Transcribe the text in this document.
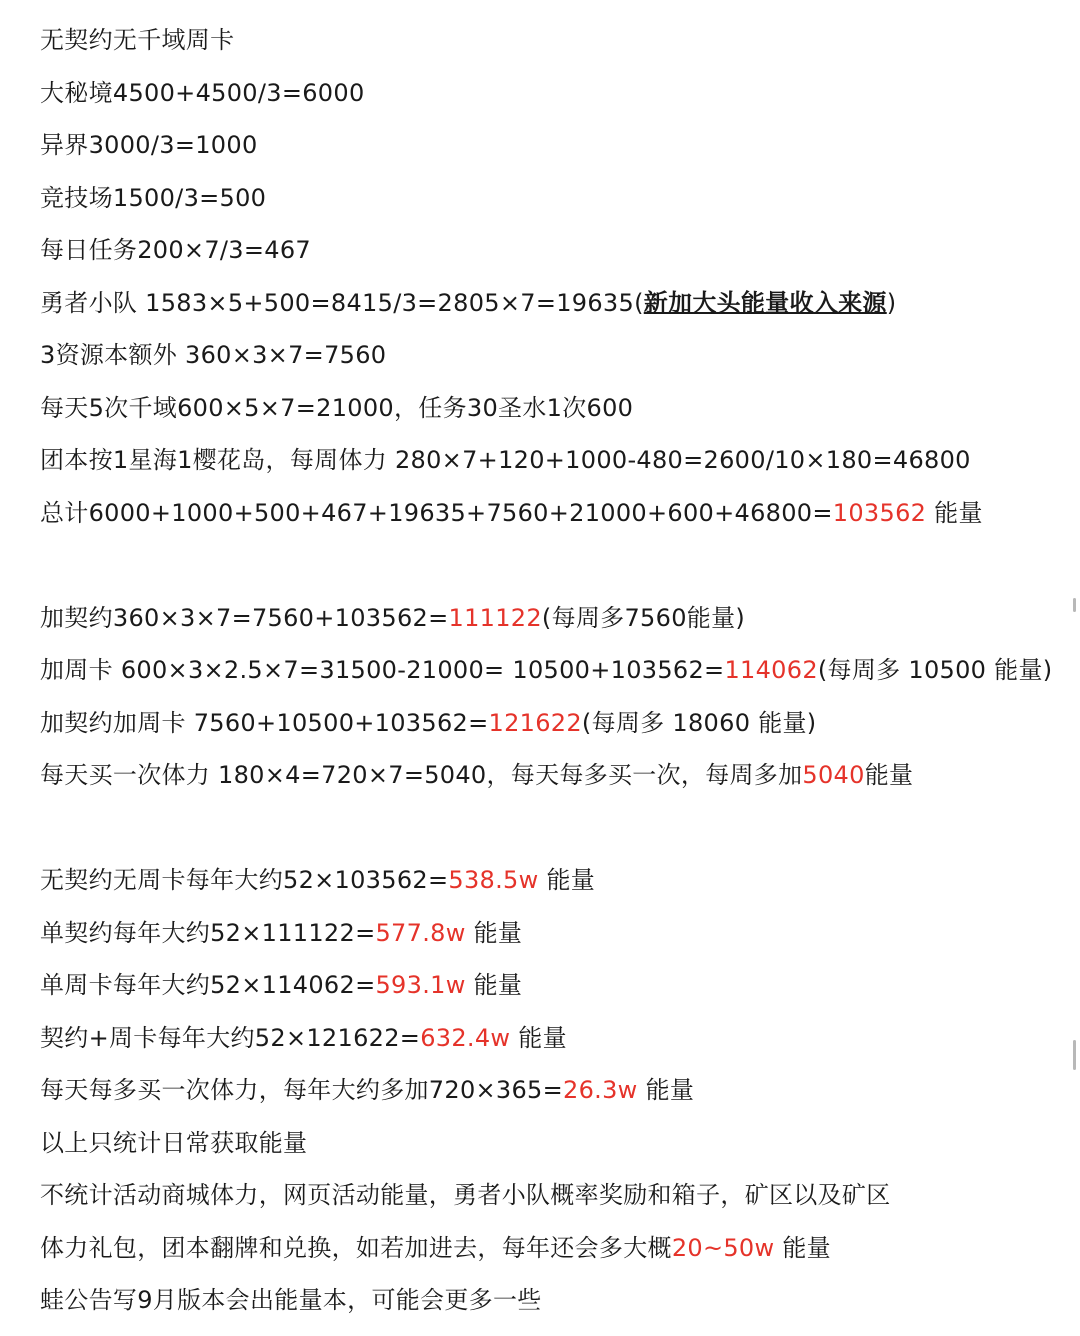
无契约无千域周卡
大秘境4500+4500/3=6000
异界3000/3=1000
竞技场1500/3=500
每日任务200×7/3=467
勇者小队 1583×5+500=8415/3=2805×7=19635(新加大头能量收入来源)
3资源本额外 360×3×7=7560
每天5次千域600×5×7=21000，任务30圣水1次600
团本按1星海1樱花岛，每周体力 280×7+120+1000-480=2600/10×180=46800
总计6000+1000+500+467+19635+7560+21000+600+46800=103562 能量
加契约360×3×7=7560+103562=111122(每周多7560能量)
加周卡 600×3×2.5×7=31500-21000= 10500+103562=114062(每周多 10500 能量)
加契约加周卡 7560+10500+103562=121622(每周多 18060 能量)
每天买一次体力 180×4=720×7=5040，每天每多买一次，每周多加5040能量
无契约无周卡每年大约52×103562=538.5w 能量
单契约每年大约52×111122=577.8w 能量
单周卡每年大约52×114062=593.1w 能量
契约+周卡每年大约52×121622=632.4w 能量
每天每多买一次体力，每年大约多加720×365=26.3w 能量
以上只统计日常获取能量
不统计活动商城体力，网页活动能量，勇者小队概率奖励和箱子，矿区以及矿区
体力礼包，团本翻牌和兑换，如若加进去，每年还会多大概20~50w 能量
蛙公告写9月版本会出能量本，可能会更多一些
